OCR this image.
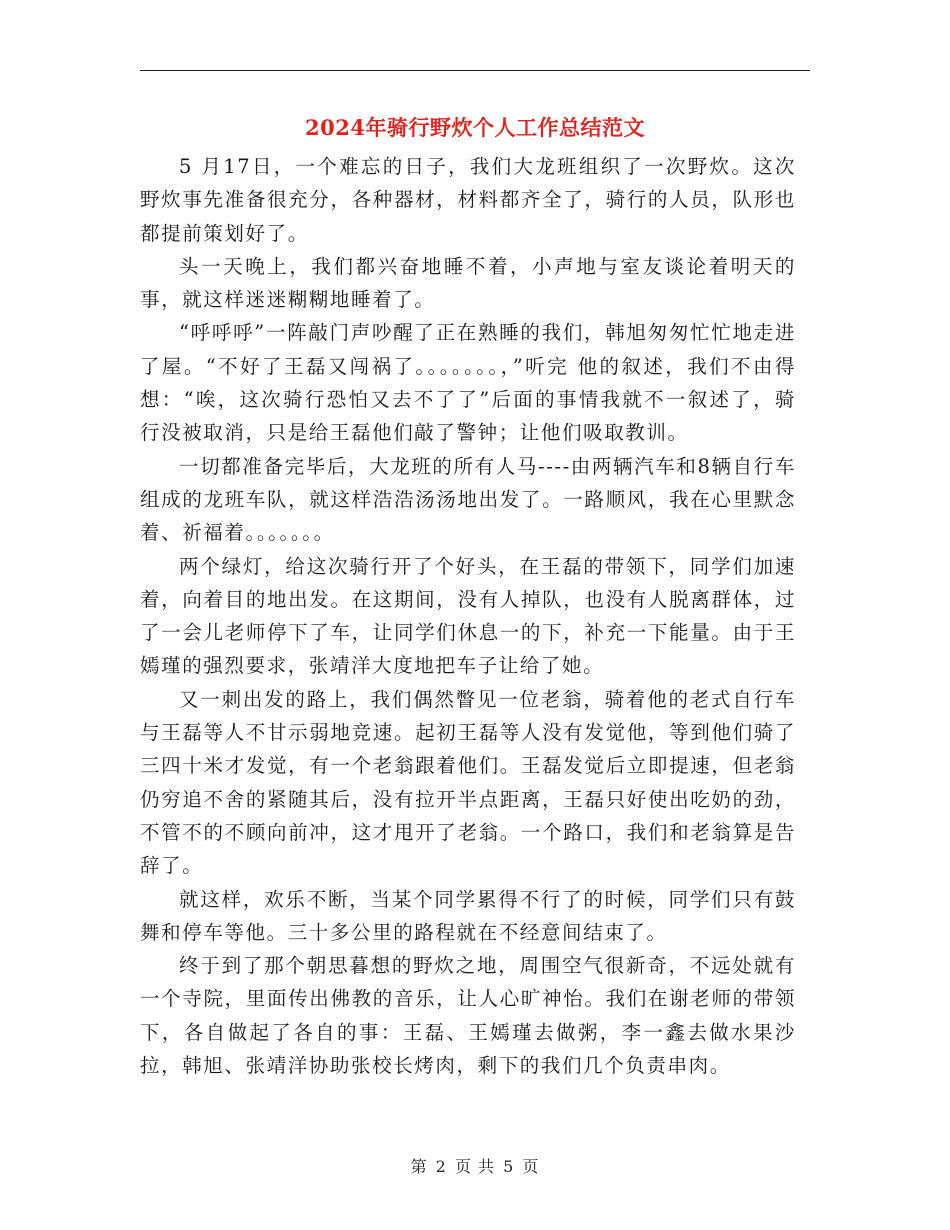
2024年骑行野炊个人工作总结范文

5 月17日，一个难忘的日子，我们大龙班组织了一次野炊。这次野炊事先准备很充分，各种器材，材料都齐全了，骑行的人员，队形也都提前策划好了。

头一天晚上，我们都兴奋地睡不着，小声地与室友谈论着明天的事，就这样迷迷糊糊地睡着了。

“呼呼呼”一阵敲门声吵醒了正在熟睡的我们，韩旭匆匆忙忙地走进了屋。“不好了王磊又闯祸了。。。。。。。，”听完 他的叙述，我们不由得想：“唉，这次骑行恐怕又去不了了”后面的事情我就不一叙述了，骑行没被取消，只是给王磊他们敲了警钟；让他们吸取教训。

一切都准备完毕后，大龙班的所有人马----由两辆汽车和8辆自行车组成的龙班车队，就这样浩浩汤汤地出发了。一路顺风，我在心里默念着、祈福着。。。。。。。

两个绿灯，给这次骑行开了个好头，在王磊的带领下，同学们加速着，向着目的地出发。在这期间，没有人掉队，也没有人脱离群体，过了一会儿老师停下了车，让同学们休息一的下，补充一下能量。由于王嫣瑾的强烈要求，张靖洋大度地把车子让给了她。

又一刺出发的路上，我们偶然瞥见一位老翁，骑着他的老式自行车与王磊等人不甘示弱地竞速。起初王磊等人没有发觉他，等到他们骑了三四十米才发觉，有一个老翁跟着他们。王磊发觉后立即提速，但老翁仍穷追不舍的紧随其后，没有拉开半点距离，王磊只好使出吃奶的劲，不管不的不顾向前冲，这才甩开了老翁。一个路口，我们和老翁算是告辞了。

就这样，欢乐不断，当某个同学累得不行了的时候，同学们只有鼓舞和停车等他。三十多公里的路程就在不经意间结束了。

终于到了那个朝思暮想的野炊之地，周围空气很新奇，不远处就有一个寺院，里面传出佛教的音乐，让人心旷神怡。我们在谢老师的带领下，各自做起了各自的事：王磊、王嫣瑾去做粥，李一鑫去做水果沙拉，韩旭、张靖洋协助张校长烤肉，剩下的我们几个负责串肉。

第 2 页 共 5 页
